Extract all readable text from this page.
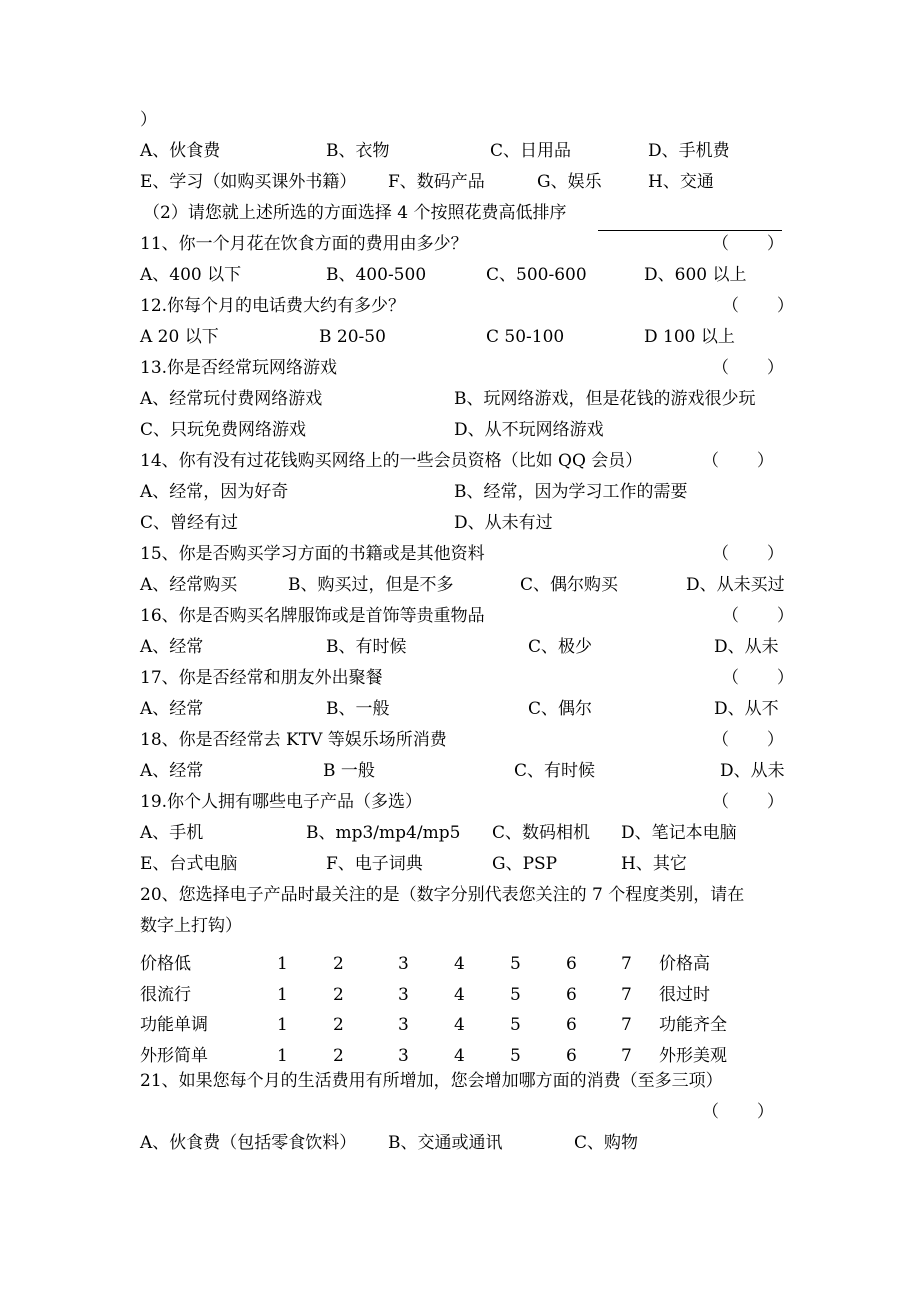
）
A、伙食费	B、衣物	C、日用品	D、手机费
E、学习（如购买课外书籍） F、数码产品	G、娱乐	H、交通
（2）请您就上述所选的方面选择 4 个按照花费高低排序
11、你一个月花在饮食方面的费用由多少？	（       ）
A、400 以下	B、400-500	C、500-600	D、600 以上
12.你每个月的电话费大约有多少？	（       ）
A 20 以下	B 20-50	C 50-100	D 100 以上
13.你是否经常玩网络游戏	（       ）
A、经常玩付费网络游戏	B、玩网络游戏，但是花钱的游戏很少玩
C、只玩免费网络游戏	D、从不玩网络游戏
14、你有没有过花钱购买网络上的一些会员资格（比如 QQ 会员）	（       ）
A、经常，因为好奇	B、经常，因为学习工作的需要
C、曾经有过	D、从未有过
15、你是否购买学习方面的书籍或是其他资料	（       ）
A、经常购买	B、购买过，但是不多	C、偶尔购买	D、从未买过
16、你是否购买名牌服饰或是首饰等贵重物品	（       ）
A、经常	B、有时候	C、极少	D、从未
17、你是否经常和朋友外出聚餐	（       ）
A、经常	B、一般	C、偶尔	D、从不
18、你是否经常去 KTV 等娱乐场所消费	（       ）
A、经常	B 一般	C、有时候	D、从未
19.你个人拥有哪些电子产品（多选）	（       ）
A、手机	B、mp3/mp4/mp5 C、数码相机 D、笔记本电脑
E、台式电脑	F、电子词典	G、PSP	H、其它
20、您选择电子产品时最关注的是（数字分别代表您关注的 7 个程度类别，请在
数字上打钩）
21、如果您每个月的生活费用有所增加，您会增加哪方面的消费（至多三项）
（       ）
A、伙食费（包括零食饮料） B、交通或通讯	C、购物
价格低	1	2	3	4	5	6	7 价格高
很流行	1	2	3	4	5	6	7 很过时
功能单调	1	2	3	4	5	6	7 功能齐全
外形简单	1	2	3	4	5	6	7 外形美观
